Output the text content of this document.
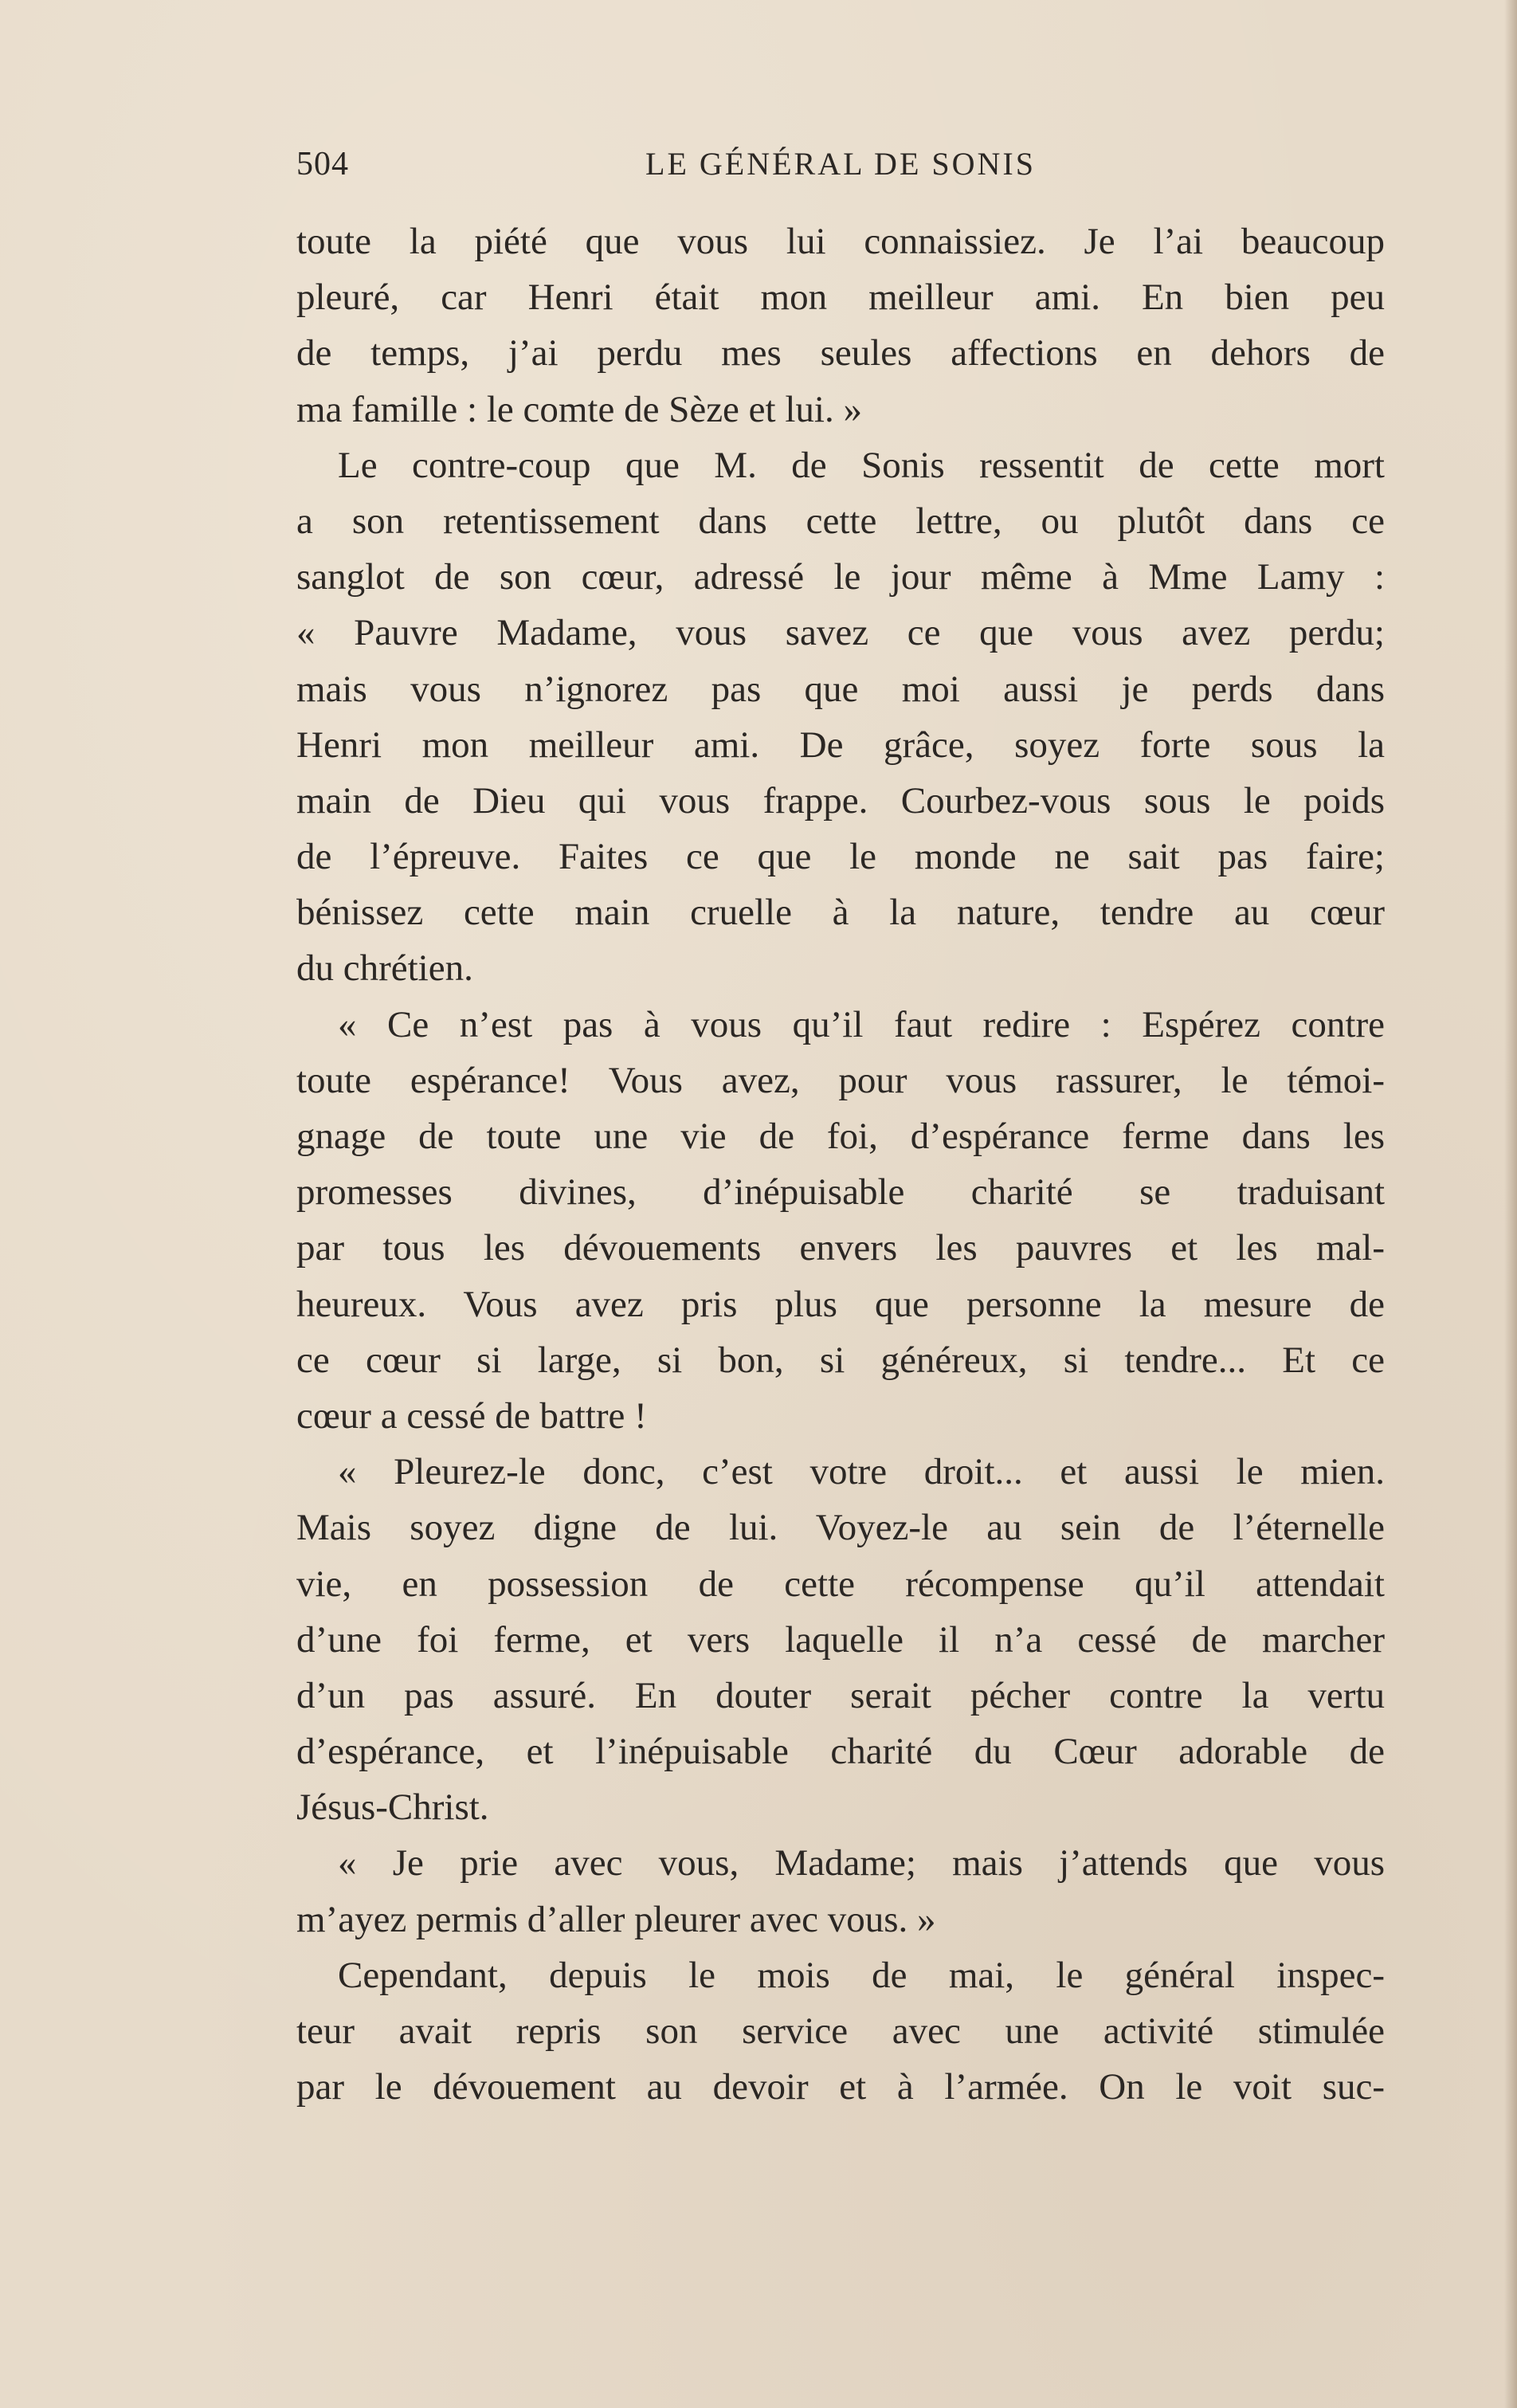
504	LE GÉNÉRAL DE SONIS
toute la piété que vous lui connaissiez. Je l’ai beaucoup
pleuré, car Henri était mon meilleur ami. En bien peu
de temps, j’ai perdu mes seules affections en dehors de
ma famille : le comte de Sèze et lui. »
Le contre-coup que M. de Sonis ressentit de cette mort
a son retentissement dans cette lettre, ou plutôt dans ce
sanglot de son cœur, adressé le jour même à Mme Lamy :
« Pauvre Madame, vous savez ce que vous avez perdu;
mais vous n’ignorez pas que moi aussi je perds dans
Henri mon meilleur ami. De grâce, soyez forte sous la
main de Dieu qui vous frappe. Courbez-vous sous le poids
de l’épreuve. Faites ce que le monde ne sait pas faire;
bénissez cette main cruelle à la nature, tendre au cœur
du chrétien.
« Ce n’est pas à vous qu’il faut redire : Espérez contre
toute espérance! Vous avez, pour vous rassurer, le témoi-
gnage de toute une vie de foi, d’espérance ferme dans les
promesses divines, d’inépuisable charité se traduisant
par tous les dévouements envers les pauvres et les mal-
heureux. Vous avez pris plus que personne la mesure de
ce cœur si large, si bon, si généreux, si tendre... Et ce
cœur a cessé de battre !
« Pleurez-le donc, c’est votre droit... et aussi le mien.
Mais soyez digne de lui. Voyez-le au sein de l’éternelle
vie, en possession de cette récompense qu’il attendait
d’une foi ferme, et vers laquelle il n’a cessé de marcher
d’un pas assuré. En douter serait pécher contre la vertu
d’espérance, et l’inépuisable charité du Cœur adorable de
Jésus-Christ.
« Je prie avec vous, Madame; mais j’attends que vous
m’ayez permis d’aller pleurer avec vous. »
Cependant, depuis le mois de mai, le général inspec-
teur avait repris son service avec une activité stimulée
par le dévouement au devoir et à l’armée. On le voit suc-
